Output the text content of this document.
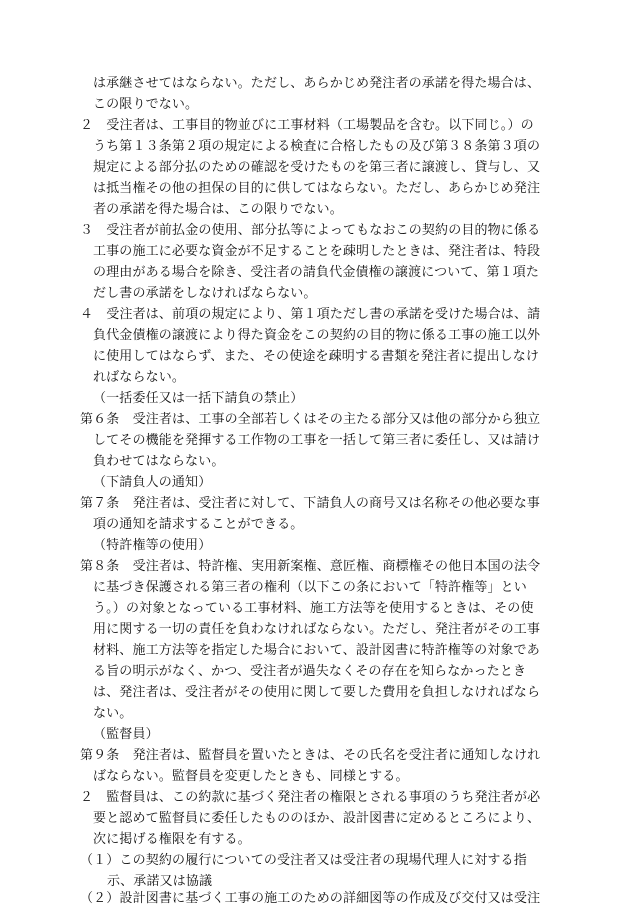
は承継させてはならない。ただし、あらかじめ発注者の承諾を得た場合は、
この限りでない。
２　受注者は、工事目的物並びに工事材料（工場製品を含む。以下同じ。）の
うち第１３条第２項の規定による検査に合格したもの及び第３８条第３項の
規定による部分払のための確認を受けたものを第三者に譲渡し、貸与し、又
は抵当権その他の担保の目的に供してはならない。ただし、あらかじめ発注
者の承諾を得た場合は、この限りでない。
３　受注者が前払金の使用、部分払等によってもなおこの契約の目的物に係る
工事の施工に必要な資金が不足することを疎明したときは、発注者は、特段
の理由がある場合を除き、受注者の請負代金債権の譲渡について、第１項た
だし書の承諾をしなければならない。
４　受注者は、前項の規定により、第１項ただし書の承諾を受けた場合は、請
負代金債権の譲渡により得た資金をこの契約の目的物に係る工事の施工以外
に使用してはならず、また、その使途を疎明する書類を発注者に提出しなけ
ればならない。
（一括委任又は一括下請負の禁止）
第６条　受注者は、工事の全部若しくはその主たる部分又は他の部分から独立
してその機能を発揮する工作物の工事を一括して第三者に委任し、又は請け
負わせてはならない。
（下請負人の通知）
第７条　発注者は、受注者に対して、下請負人の商号又は名称その他必要な事
項の通知を請求することができる。
（特許権等の使用）
第８条　受注者は、特許権、実用新案権、意匠権、商標権その他日本国の法令
に基づき保護される第三者の権利（以下この条において「特許権等」とい
う。）の対象となっている工事材料、施工方法等を使用するときは、その使
用に関する一切の責任を負わなければならない。ただし、発注者がその工事
材料、施工方法等を指定した場合において、設計図書に特許権等の対象であ
る旨の明示がなく、かつ、受注者が過失なくその存在を知らなかったとき
は、発注者は、受注者がその使用に関して要した費用を負担しなければなら
ない。
（監督員）
第９条　発注者は、監督員を置いたときは、その氏名を受注者に通知しなけれ
ばならない。監督員を変更したときも、同様とする。
２　監督員は、この約款に基づく発注者の権限とされる事項のうち発注者が必
要と認めて監督員に委任したもののほか、設計図書に定めるところにより、
次に掲げる権限を有する。
（１）この契約の履行についての受注者又は受注者の現場代理人に対する指
示、承諾又は協議
（２）設計図書に基づく工事の施工のための詳細図等の作成及び交付又は受注
